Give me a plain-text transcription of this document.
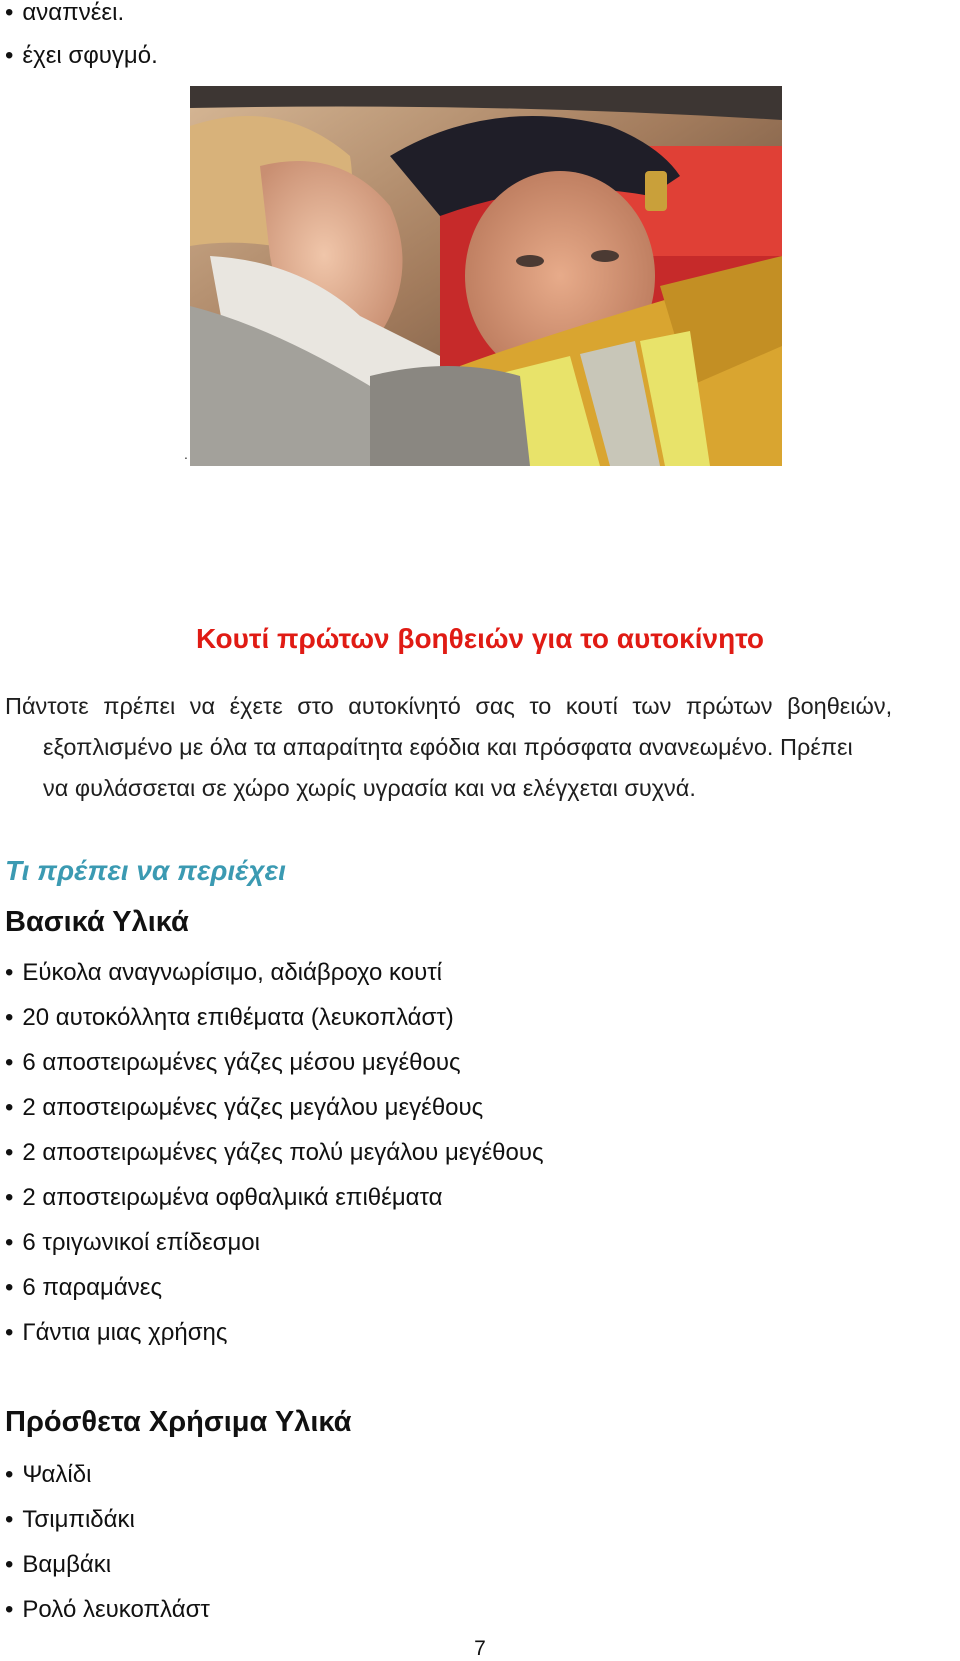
• αναπνέει.
• έχει σφυγμό.
.
Κουτί πρώτων βοηθειών για το αυτοκίνητο
Πάντοτε πρέπει να έχετε στο αυτοκίνητό σας το κουτί των πρώτων βοηθειών,
εξοπλισμένο με όλα τα απαραίτητα εφόδια και πρόσφατα ανανεωμένο. Πρέπει
να φυλάσσεται σε χώρο χωρίς υγρασία και να ελέγχεται συχνά.
Τι πρέπει να περιέχει
Βασικά Υλικά
• Εύκολα αναγνωρίσιμο, αδιάβροχο κουτί
• 20 αυτοκόλλητα επιθέματα (λευκοπλάστ)
• 6 αποστειρωμένες γάζες μέσου μεγέθους
• 2 αποστειρωμένες γάζες μεγάλου μεγέθους
• 2 αποστειρωμένες γάζες πολύ μεγάλου μεγέθους
• 2 αποστειρωμένα οφθαλμικά επιθέματα
• 6 τριγωνικοί επίδεσμοι
• 6 παραμάνες
• Γάντια μιας χρήσης
Πρόσθετα Χρήσιμα Υλικά
• Ψαλίδι
• Τσιμπιδάκι
• Βαμβάκι
• Ρολό λευκοπλάστ
7
